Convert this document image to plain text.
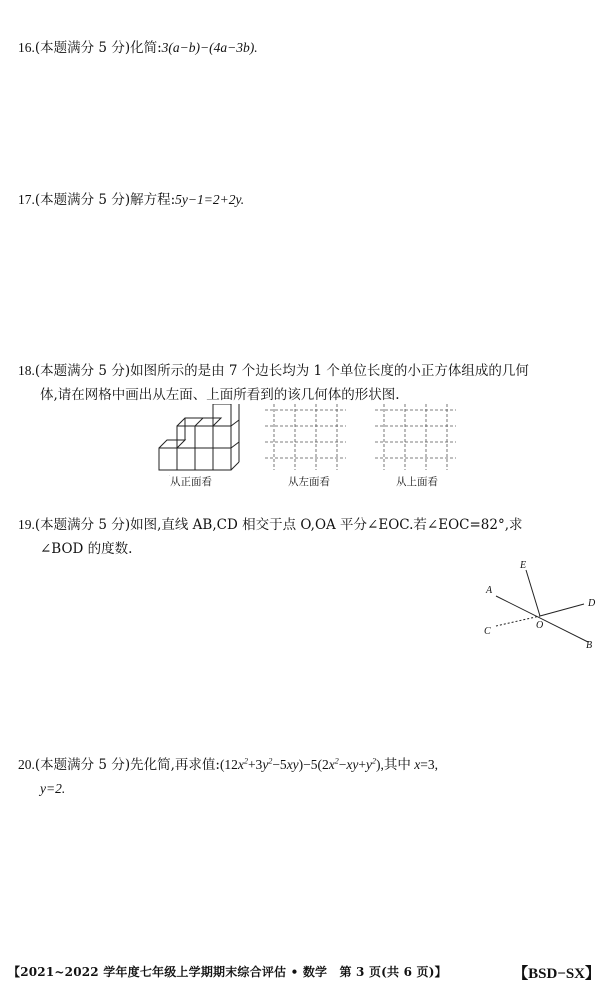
16.(本题满分 5 分)化简:3(a−b)−(4a−3b).
17.(本题满分 5 分)解方程:5y−1=2+2y.
18.(本题满分 5 分)如图所示的是由 7 个边长均为 1 个单位长度的小正方体组成的几何
体,请在网格中画出从左面、上面所看到的该几何体的形状图.
从正面看	从左面看	从上面看
19.(本题满分 5 分)如图,直线 AB,CD 相交于点 O,OA 平分∠EOC.若∠EOC=82°,求
∠BOD 的度数.
A
E
D
C
O
B
20.(本题满分 5 分)先化简,再求值$:(12x^2+3y^2-5xy)-5(2x^2-xy+y^2)$,其中 x=3,
y=2.
【2021~2022 学年度七年级上学期期末综合评估 • 数学　第 3 页(共 6 页)】	【BSD−SX】
